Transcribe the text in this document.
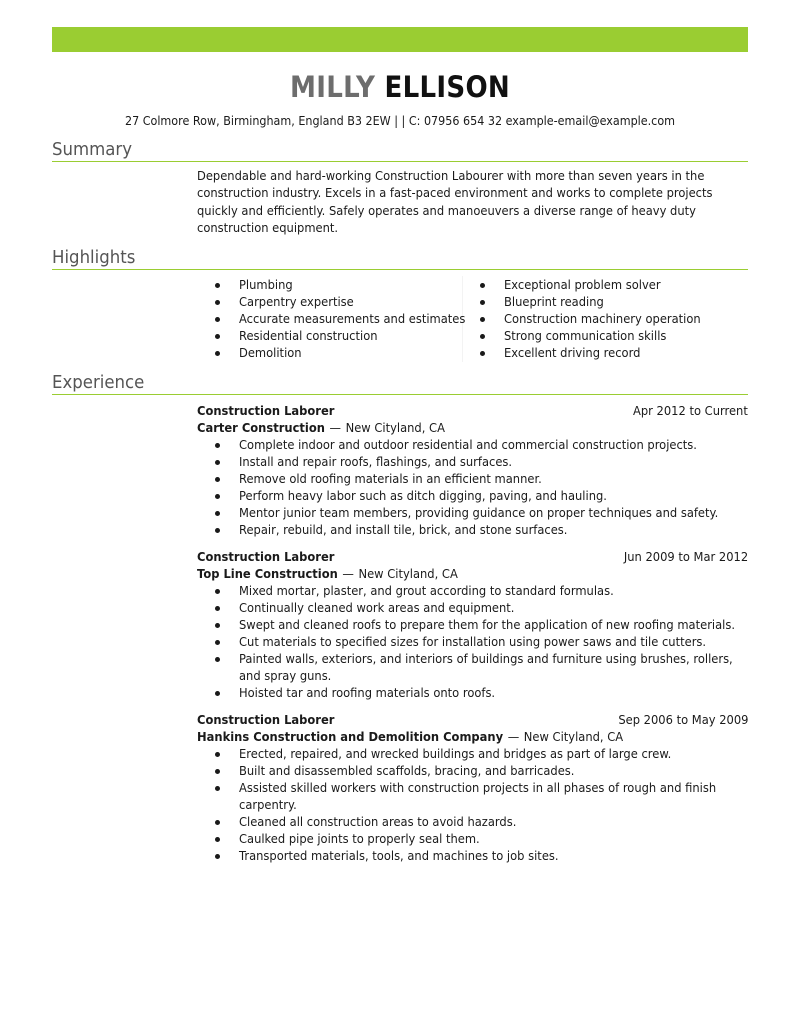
MILLY ELLISON
27 Colmore Row, Birmingham, England B3 2EW | | C: 07956 654 32 example-email@example.com
Summary
Dependable and hard-working Construction Labourer with more than seven years in the construction industry. Excels in a fast-paced environment and works to complete projects quickly and efficiently. Safely operates and manoeuvers a diverse range of heavy duty construction equipment.
Highlights
Plumbing
Carpentry expertise
Accurate measurements and estimates
Residential construction
Demolition
Exceptional problem solver
Blueprint reading
Construction machinery operation
Strong communication skills
Excellent driving record
Experience
Construction Laborer	Apr 2012 to Current
Carter Construction — New Cityland, CA
Complete indoor and outdoor residential and commercial construction projects.
Install and repair roofs, flashings, and surfaces.
Remove old roofing materials in an efficient manner.
Perform heavy labor such as ditch digging, paving, and hauling.
Mentor junior team members, providing guidance on proper techniques and safety.
Repair, rebuild, and install tile, brick, and stone surfaces.
Construction Laborer	Jun 2009 to Mar 2012
Top Line Construction — New Cityland, CA
Mixed mortar, plaster, and grout according to standard formulas.
Continually cleaned work areas and equipment.
Swept and cleaned roofs to prepare them for the application of new roofing materials.
Cut materials to specified sizes for installation using power saws and tile cutters.
Painted walls, exteriors, and interiors of buildings and furniture using brushes, rollers, and spray guns.
Hoisted tar and roofing materials onto roofs.
Construction Laborer	Sep 2006 to May 2009
Hankins Construction and Demolition Company — New Cityland, CA
Erected, repaired, and wrecked buildings and bridges as part of large crew.
Built and disassembled scaffolds, bracing, and barricades.
Assisted skilled workers with construction projects in all phases of rough and finish carpentry.
Cleaned all construction areas to avoid hazards.
Caulked pipe joints to properly seal them.
Transported materials, tools, and machines to job sites.
